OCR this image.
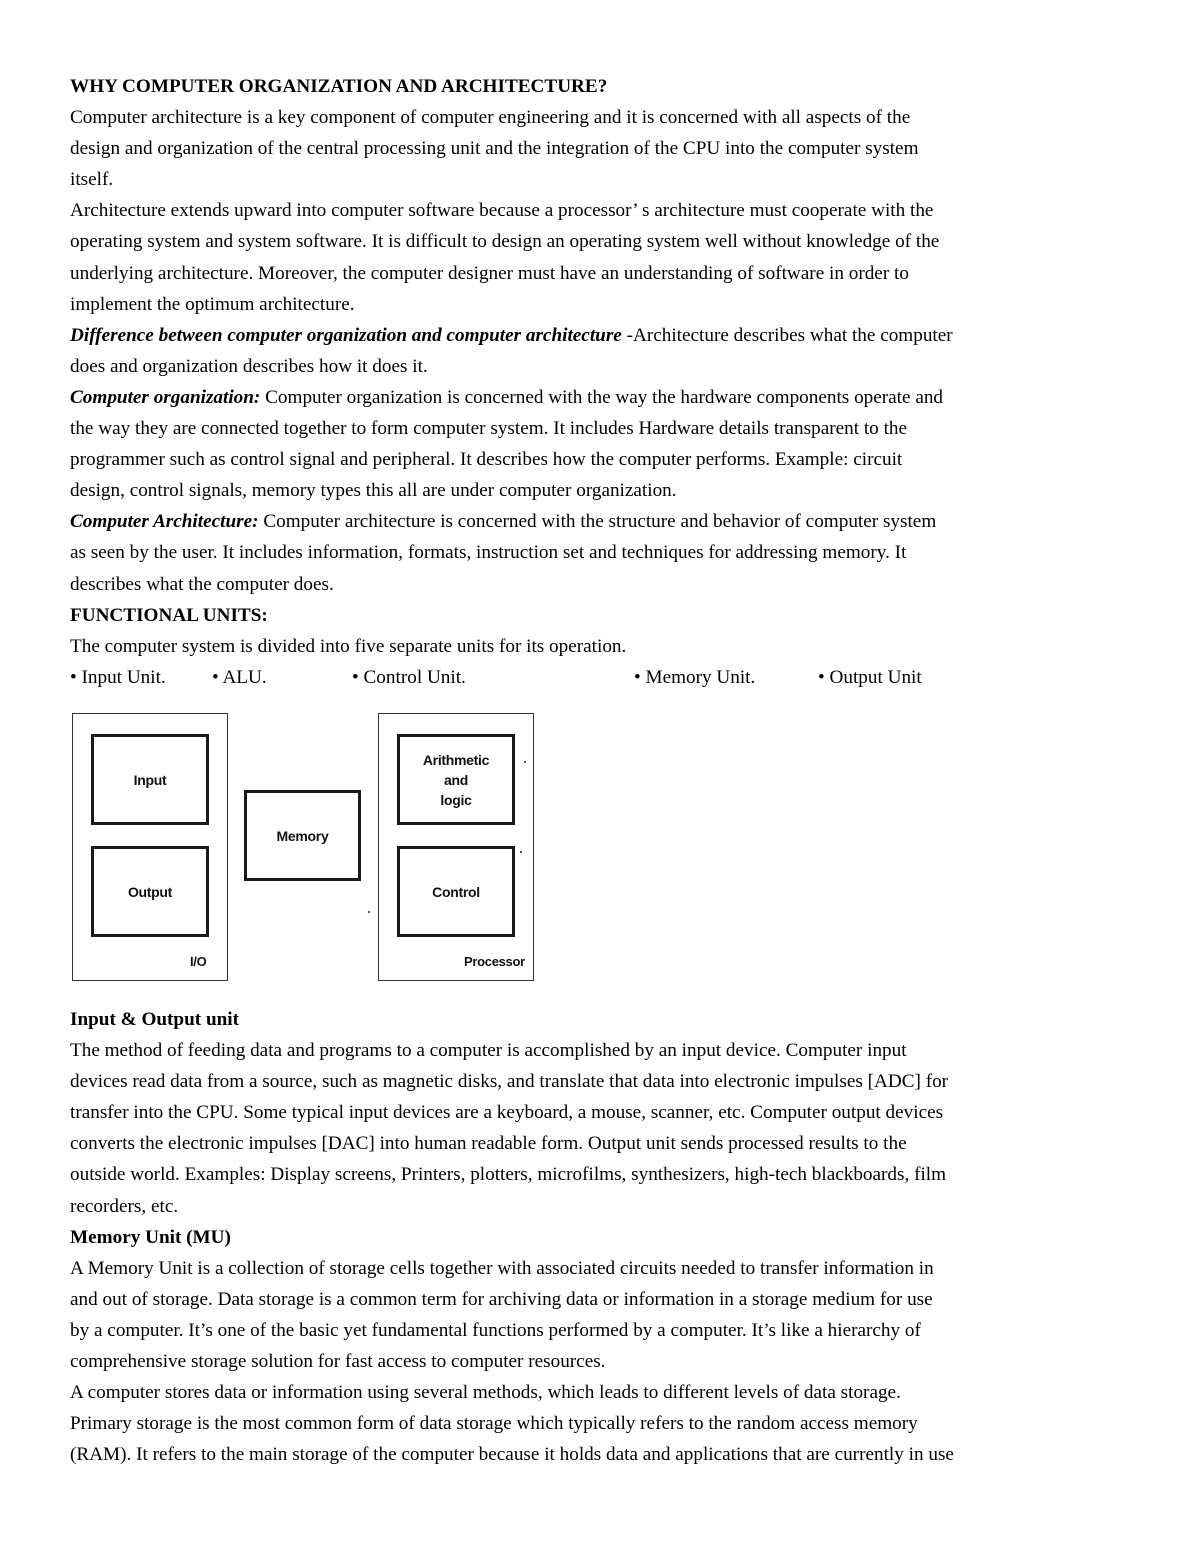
WHY COMPUTER ORGANIZATION AND ARCHITECTURE?
Computer architecture is a key component of computer engineering and it is concerned with all aspects of the
design and organization of the central processing unit and the integration of the CPU into the computer system
itself.
Architecture extends upward into computer software because a processor’ s architecture must cooperate with the
operating system and system software. It is difficult to design an operating system well without knowledge of the
underlying architecture. Moreover, the computer designer must have an understanding of software in order to
implement the optimum architecture.
Difference between computer organization and computer architecture -Architecture describes what the computer
does and organization describes how it does it.
Computer organization: Computer organization is concerned with the way the hardware components operate and
the way they are connected together to form computer system. It includes Hardware details transparent to the
programmer such as control signal and peripheral. It describes how the computer performs. Example: circuit
design, control signals, memory types this all are under computer organization.
Computer Architecture: Computer architecture is concerned with the structure and behavior of computer system
as seen by the user. It includes information, formats, instruction set and techniques for addressing memory. It
describes what the computer does.
FUNCTIONAL UNITS:
The computer system is divided into five separate units for its operation.
• Input Unit. • ALU.	• Control Unit.	• Memory Unit.	• Output Unit
Input
Output
I/O
Memory
Arithmetic
and
logic
Control
Processor
Input & Output unit
The method of feeding data and programs to a computer is accomplished by an input device. Computer input
devices read data from a source, such as magnetic disks, and translate that data into electronic impulses [ADC] for
transfer into the CPU. Some typical input devices are a keyboard, a mouse, scanner, etc. Computer output devices
converts the electronic impulses [DAC] into human readable form. Output unit sends processed results to the
outside world. Examples: Display screens, Printers, plotters, microfilms, synthesizers, high-tech blackboards, film
recorders, etc.
Memory Unit (MU)
A Memory Unit is a collection of storage cells together with associated circuits needed to transfer information in
and out of storage. Data storage is a common term for archiving data or information in a storage medium for use
by a computer. It’s one of the basic yet fundamental functions performed by a computer. It’s like a hierarchy of
comprehensive storage solution for fast access to computer resources.
A computer stores data or information using several methods, which leads to different levels of data storage.
Primary storage is the most common form of data storage which typically refers to the random access memory
(RAM). It refers to the main storage of the computer because it holds data and applications that are currently in use
